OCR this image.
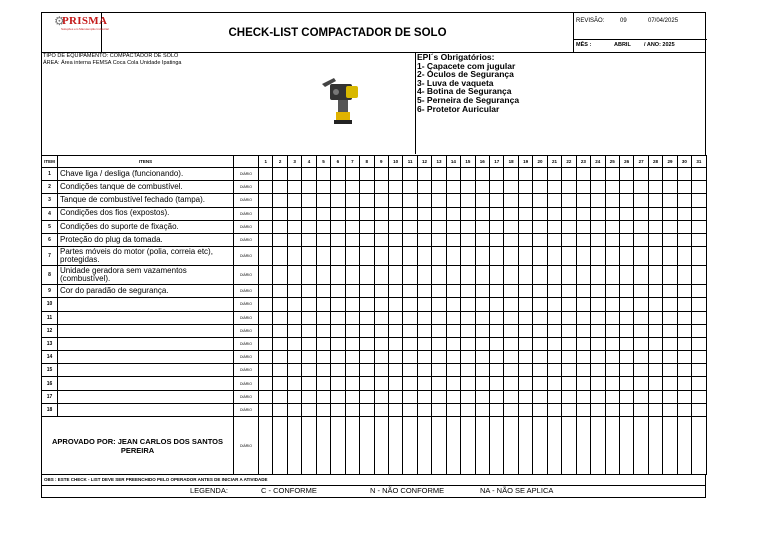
⚙
PRISMA
Soluções em Manutenção Industrial	CHECK-LIST COMPACTADOR DE SOLO
REVISÃO:	09	07/04/2025
MÊS :	ABRIL / ANO: 2025
TIPO DE EQUIPAMENTO: COMPACTADOR DE SOLO
ÁREA: Área interna FEMSA Coca Cola Unidade Ipatinga
EPI´s Obrigatórios:
1- Capacete com jugular
2- Óculos de Segurança
3- Luva de vaqueta
4- Botina de Segurança
5- Perneira de Segurança
6- Protetor Auricular
ITEM	ITENS		1	2	3	4	5	6	7	8	9	10	11	12	13	14	15	16	17	18	19	20	21	22	23	24	25	26	27	28	29	30	31
1	Chave liga / desliga (funcionando).	DIÁRIO																															
2	Condições tanque de combustível.	DIÁRIO																															
3	Tanque de combustível fechado (tampa).	DIÁRIO																															
4	Condições dos fios (expostos).	DIÁRIO																															
5	Condições do suporte de fixação.	DIÁRIO																															
6	Proteção do plug da tomada.	DIÁRIO																															
7	Partes móveis do motor (polia, correia etc), protegidas.	DIÁRIO																															
8	Unidade geradora sem vazamentos (combustível).	DIÁRIO																															
9	Cor do paradão de segurança.	DIÁRIO																															
10		DIÁRIO																															
11		DIÁRIO																															
12		DIÁRIO																															
13		DIÁRIO																															
14		DIÁRIO																															
15		DIÁRIO																															
16		DIÁRIO																															
17		DIÁRIO																															
18		DIÁRIO																															
APROVADO POR: JEAN CARLOS DOS SANTOS PEREIRA		DIÁRIO																															
OBS : ESTE CHECK - LIST DEVE SER PREENCHIDO PELO OPERADOR ANTES DE INICIAR A ATIVIDADE
LEGENDA:	C - CONFORME	N - NÃO CONFORME	NA - NÃO SE APLICA
